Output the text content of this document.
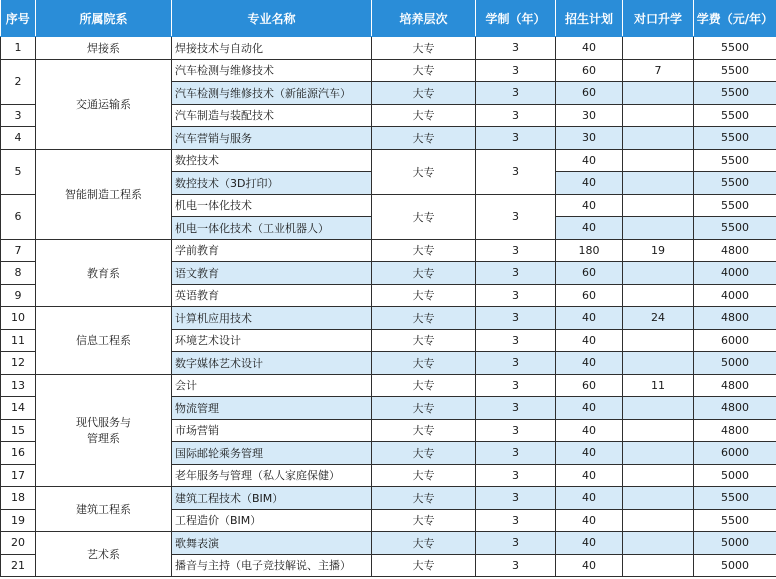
序号	所属院系	专业名称	培养层次	学制（年）	招生计划	对口升学	学费（元/年）
1	焊接系	焊接技术与自动化	大专	3	40		5500
2	交通运输系	汽车检测与维修技术	大专	3	60	7	5500
		汽车检测与维修技术（新能源汽车）	大专	3	60		5500
3		汽车制造与装配技术	大专	3	30		5500
4		汽车营销与服务	大专	3	30		5500
5	智能制造工程系	数控技术	大专	3	40		5500
		数控技术（3D打印）			40		5500
6		机电一体化技术	大专	3	40		5500
		机电一体化技术（工业机器人）			40		5500
7	教育系	学前教育	大专	3	180	19	4800
8		语文教育	大专	3	60		4000
9		英语教育	大专	3	60		4000
10	信息工程系	计算机应用技术	大专	3	40	24	4800
11		环境艺术设计	大专	3	40		6000
12		数字媒体艺术设计	大专	3	40		5000
13	现代服务与管理系	会计	大专	3	60	11	4800
14		物流管理	大专	3	40		4800
15		市场营销	大专	3	40		4800
16		国际邮轮乘务管理	大专	3	40		6000
17		老年服务与管理（私人家庭保健）	大专	3	40		5000
18	建筑工程系	建筑工程技术（BIM）	大专	3	40		5500
19		工程造价（BIM）	大专	3	40		5500
20	艺术系	歌舞表演	大专	3	40		5000
21		播音与主持（电子竞技解说、主播）	大专	3	40		5000
